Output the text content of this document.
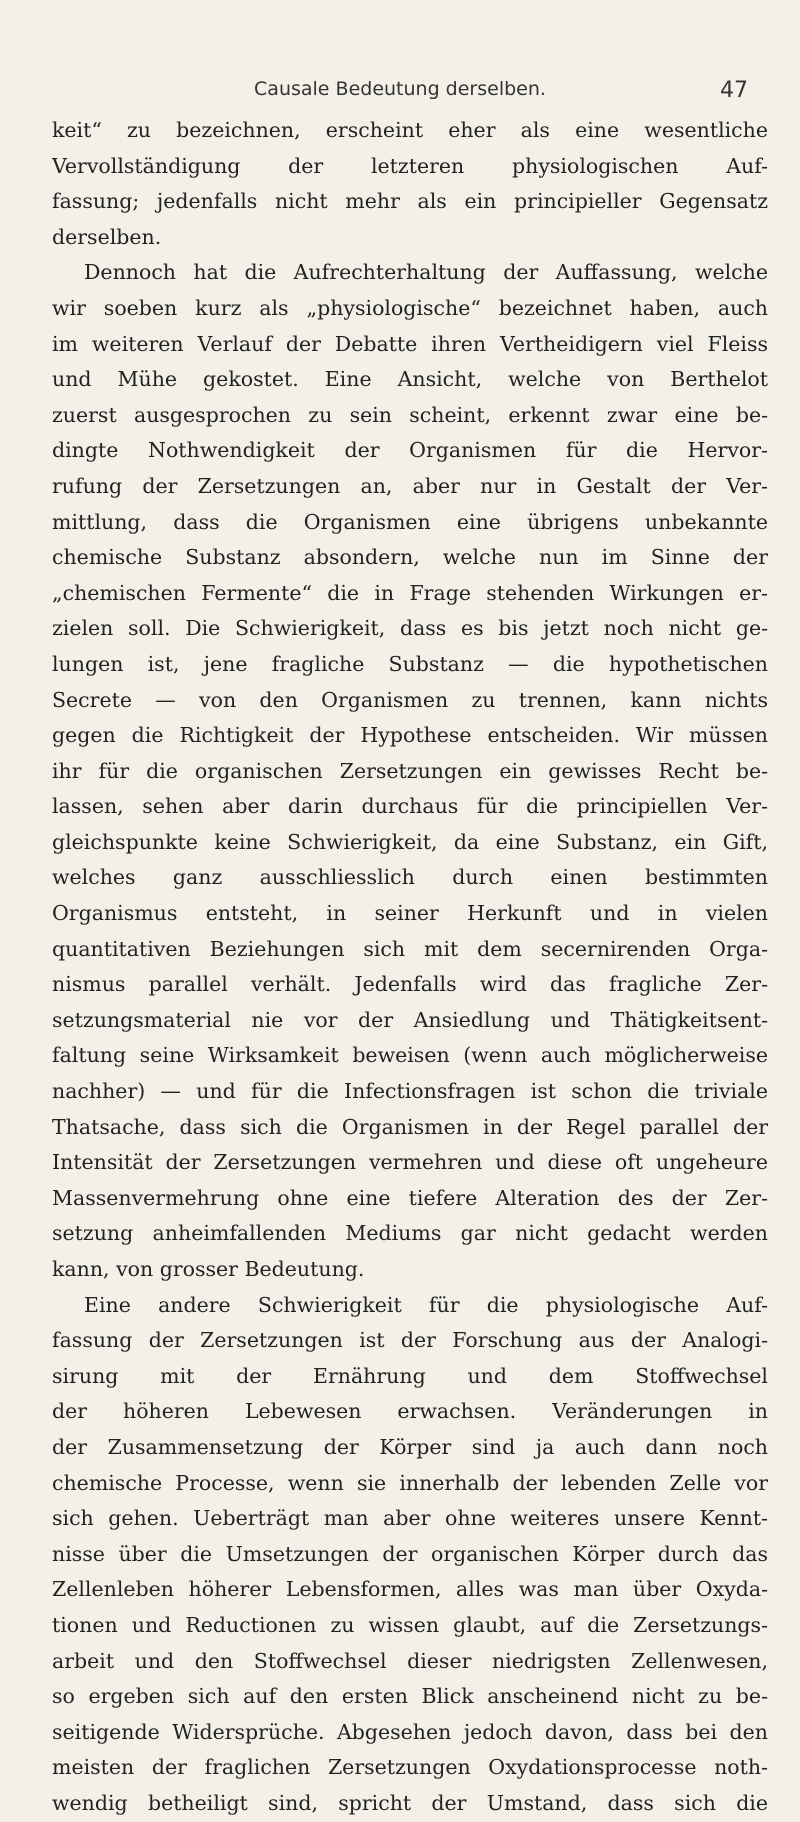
Causale Bedeutung derselben.	47
keit“ zu bezeichnen, erscheint eher als eine wesentliche
Vervollständigung der letzteren physiologischen Auf-
fassung; jedenfalls nicht mehr als ein principieller Gegensatz
derselben.
Dennoch hat die Aufrechterhaltung der Auffassung, welche
wir soeben kurz als „physiologische“ bezeichnet haben, auch
im weiteren Verlauf der Debatte ihren Vertheidigern viel Fleiss
und Mühe gekostet. Eine Ansicht, welche von Berthelot
zuerst ausgesprochen zu sein scheint, erkennt zwar eine be-
dingte Nothwendigkeit der Organismen für die Hervor-
rufung der Zersetzungen an, aber nur in Gestalt der Ver-
mittlung, dass die Organismen eine übrigens unbekannte
chemische Substanz absondern, welche nun im Sinne der
„chemischen Fermente“ die in Frage stehenden Wirkungen er-
zielen soll. Die Schwierigkeit, dass es bis jetzt noch nicht ge-
lungen ist, jene fragliche Substanz — die hypothetischen
Secrete — von den Organismen zu trennen, kann nichts
gegen die Richtigkeit der Hypothese entscheiden. Wir müssen
ihr für die organischen Zersetzungen ein gewisses Recht be-
lassen, sehen aber darin durchaus für die principiellen Ver-
gleichspunkte keine Schwierigkeit, da eine Substanz, ein Gift,
welches ganz ausschliesslich durch einen bestimmten
Organismus entsteht, in seiner Herkunft und in vielen
quantitativen Beziehungen sich mit dem secernirenden Orga-
nismus parallel verhält. Jedenfalls wird das fragliche Zer-
setzungsmaterial nie vor der Ansiedlung und Thätigkeitsent-
faltung seine Wirksamkeit beweisen (wenn auch möglicherweise
nachher) — und für die Infectionsfragen ist schon die triviale
Thatsache, dass sich die Organismen in der Regel parallel der
Intensität der Zersetzungen vermehren und diese oft ungeheure
Massenvermehrung ohne eine tiefere Alteration des der Zer-
setzung anheimfallenden Mediums gar nicht gedacht werden
kann, von grosser Bedeutung.
Eine andere Schwierigkeit für die physiologische Auf-
fassung der Zersetzungen ist der Forschung aus der Analogi-
sirung mit der Ernährung und dem Stoffwechsel
der höheren Lebewesen erwachsen. Veränderungen in
der Zusammensetzung der Körper sind ja auch dann noch
chemische Processe, wenn sie innerhalb der lebenden Zelle vor
sich gehen. Ueberträgt man aber ohne weiteres unsere Kennt-
nisse über die Umsetzungen der organischen Körper durch das
Zellenleben höherer Lebensformen, alles was man über Oxyda-
tionen und Reductionen zu wissen glaubt, auf die Zersetzungs-
arbeit und den Stoffwechsel dieser niedrigsten Zellenwesen,
so ergeben sich auf den ersten Blick anscheinend nicht zu be-
seitigende Widersprüche. Abgesehen jedoch davon, dass bei den
meisten der fraglichen Zersetzungen Oxydationsprocesse noth-
wendig betheiligt sind, spricht der Umstand, dass sich die
